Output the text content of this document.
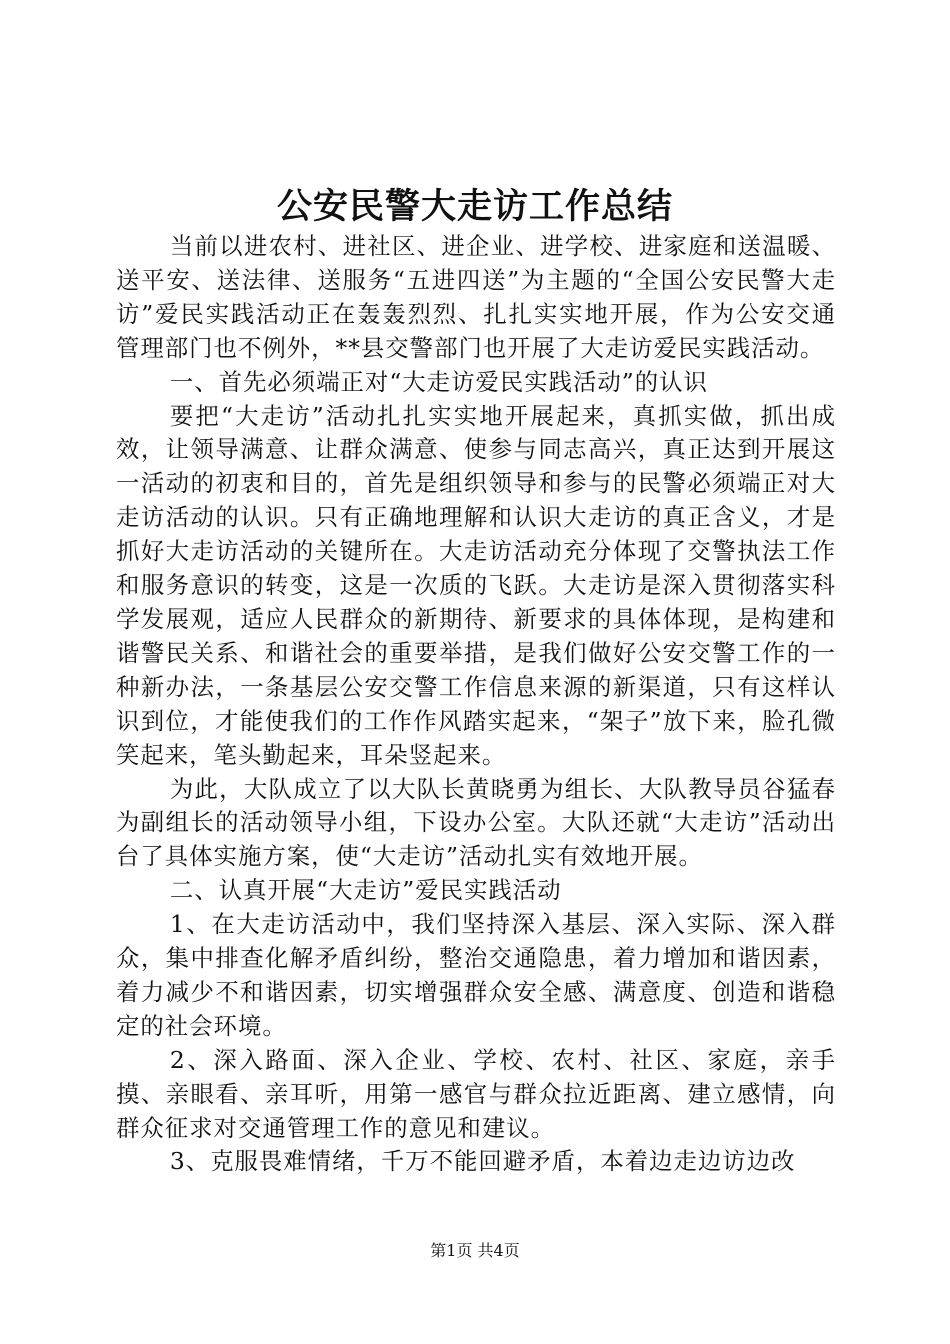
公安民警大走访工作总结

当前以进农村、进社区、进企业、进学校、进家庭和送温暖、送平安、送法律、送服务“五进四送”为主题的“全国公安民警大走访”爱民实践活动正在轰轰烈烈、扎扎实实地开展，作为公安交通管理部门也不例外，**县交警部门也开展了大走访爱民实践活动。

一、首先必须端正对“大走访爱民实践活动”的认识

要把“大走访”活动扎扎实实地开展起来，真抓实做，抓出成效，让领导满意、让群众满意、使参与同志高兴，真正达到开展这一活动的初衷和目的，首先是组织领导和参与的民警必须端正对大走访活动的认识。只有正确地理解和认识大走访的真正含义，才是抓好大走访活动的关键所在。大走访活动充分体现了交警执法工作和服务意识的转变，这是一次质的飞跃。大走访是深入贯彻落实科学发展观，适应人民群众的新期待、新要求的具体体现，是构建和谐警民关系、和谐社会的重要举措，是我们做好公安交警工作的一种新办法，一条基层公安交警工作信息来源的新渠道，只有这样认识到位，才能使我们的工作作风踏实起来，“架子”放下来，脸孔微笑起来，笔头勤起来，耳朵竖起来。

为此，大队成立了以大队长黄晓勇为组长、大队教导员谷猛春为副组长的活动领导小组，下设办公室。大队还就“大走访”活动出台了具体实施方案，使“大走访”活动扎实有效地开展。

二、认真开展“大走访”爱民实践活动

1、在大走访活动中，我们坚持深入基层、深入实际、深入群众，集中排查化解矛盾纠纷，整治交通隐患，着力增加和谐因素，着力减少不和谐因素，切实增强群众安全感、满意度、创造和谐稳定的社会环境。

2、深入路面、深入企业、学校、农村、社区、家庭，亲手摸、亲眼看、亲耳听，用第一感官与群众拉近距离、建立感情，向群众征求对交通管理工作的意见和建议。

3、克服畏难情绪，千万不能回避矛盾，本着边走边访边改

第1页 共4页
